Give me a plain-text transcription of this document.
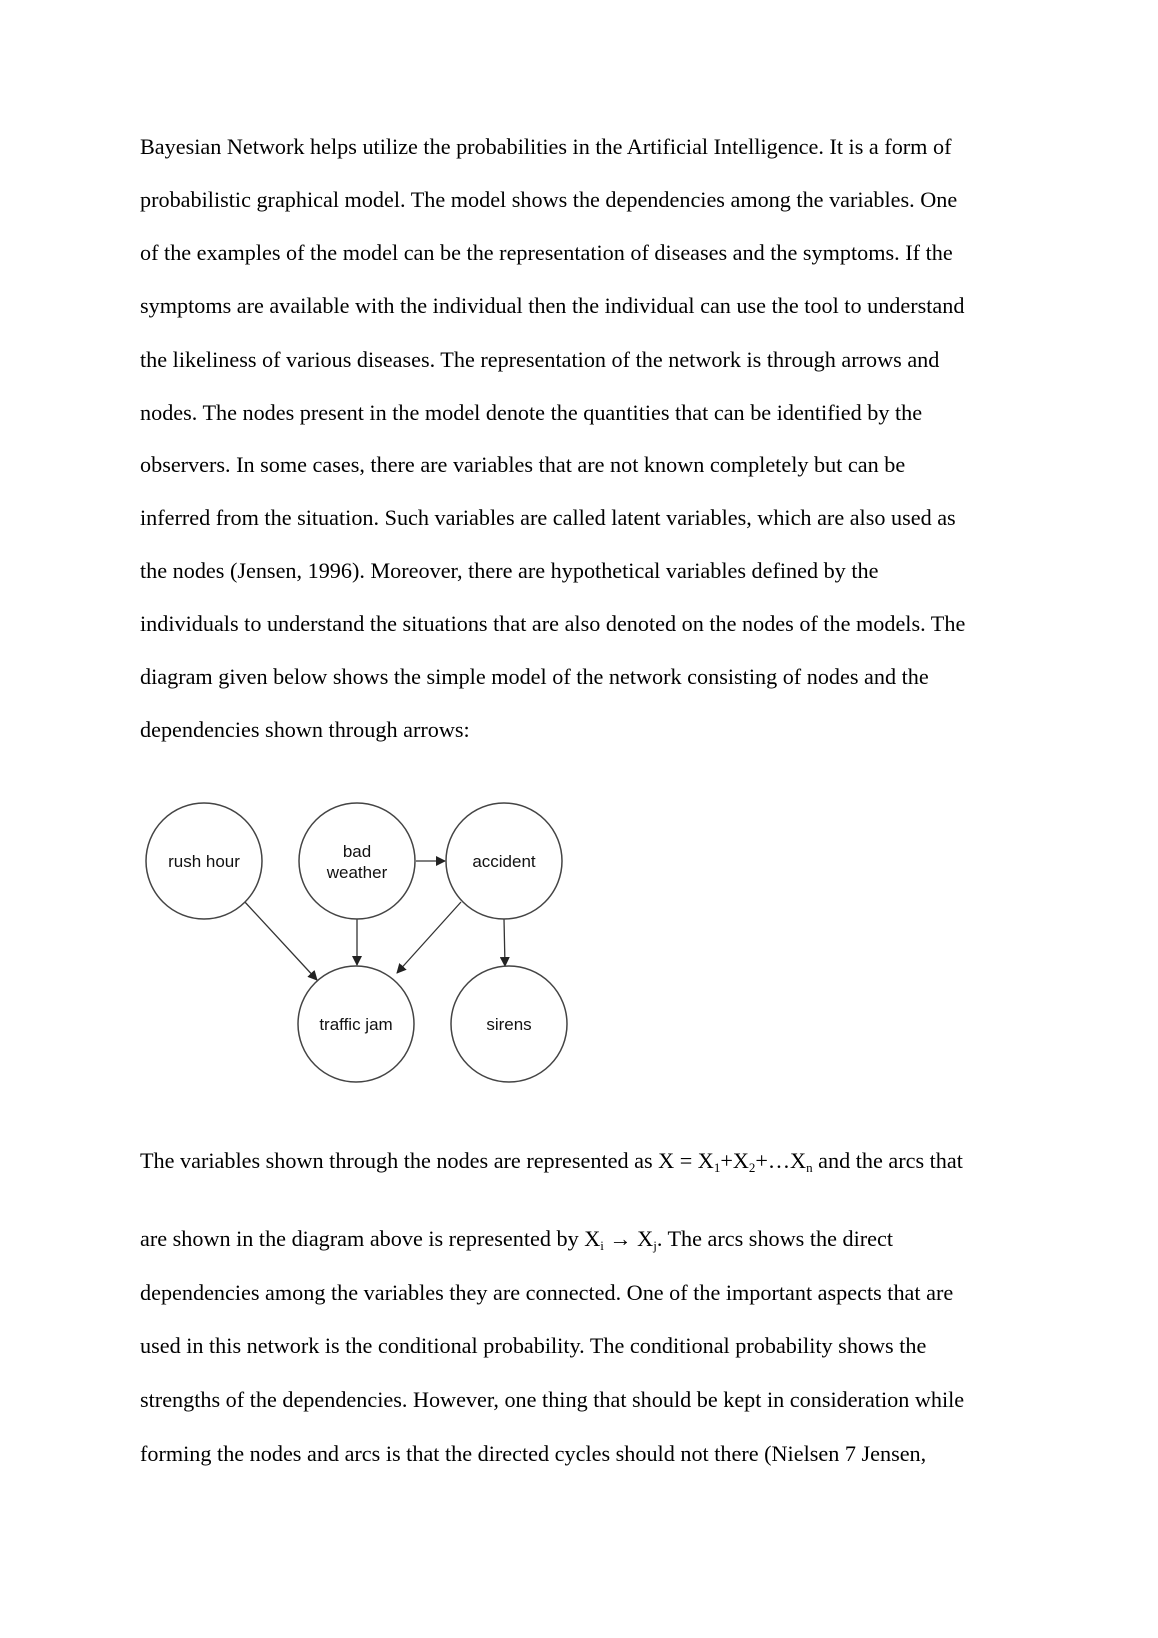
Bayesian Network helps utilize the probabilities in the Artificial Intelligence. It is a form of
probabilistic graphical model. The model shows the dependencies among the variables. One
of the examples of the model can be the representation of diseases and the symptoms. If the
symptoms are available with the individual then the individual can use the tool to understand
the likeliness of various diseases. The representation of the network is through arrows and
nodes. The nodes present in the model denote the quantities that can be identified by the
observers. In some cases, there are variables that are not known completely but can be
inferred from the situation. Such variables are called latent variables, which are also used as
the nodes (Jensen, 1996). Moreover, there are hypothetical variables defined by the
individuals to understand the situations that are also denoted on the nodes of the models. The
diagram given below shows the simple model of the network consisting of nodes and the
dependencies shown through arrows:
rush hour
bad
weather
accident
traffic jam	sirens
The variables shown through the nodes are represented as $X = X_1+X_2+\dots X_n$ and the arcs that
are shown in the diagram above is represented by $X_i \to X_j$. The arcs shows the direct
dependencies among the variables they are connected. One of the important aspects that are
used in this network is the conditional probability. The conditional probability shows the
strengths of the dependencies. However, one thing that should be kept in consideration while
forming the nodes and arcs is that the directed cycles should not there (Nielsen 7 Jensen,
